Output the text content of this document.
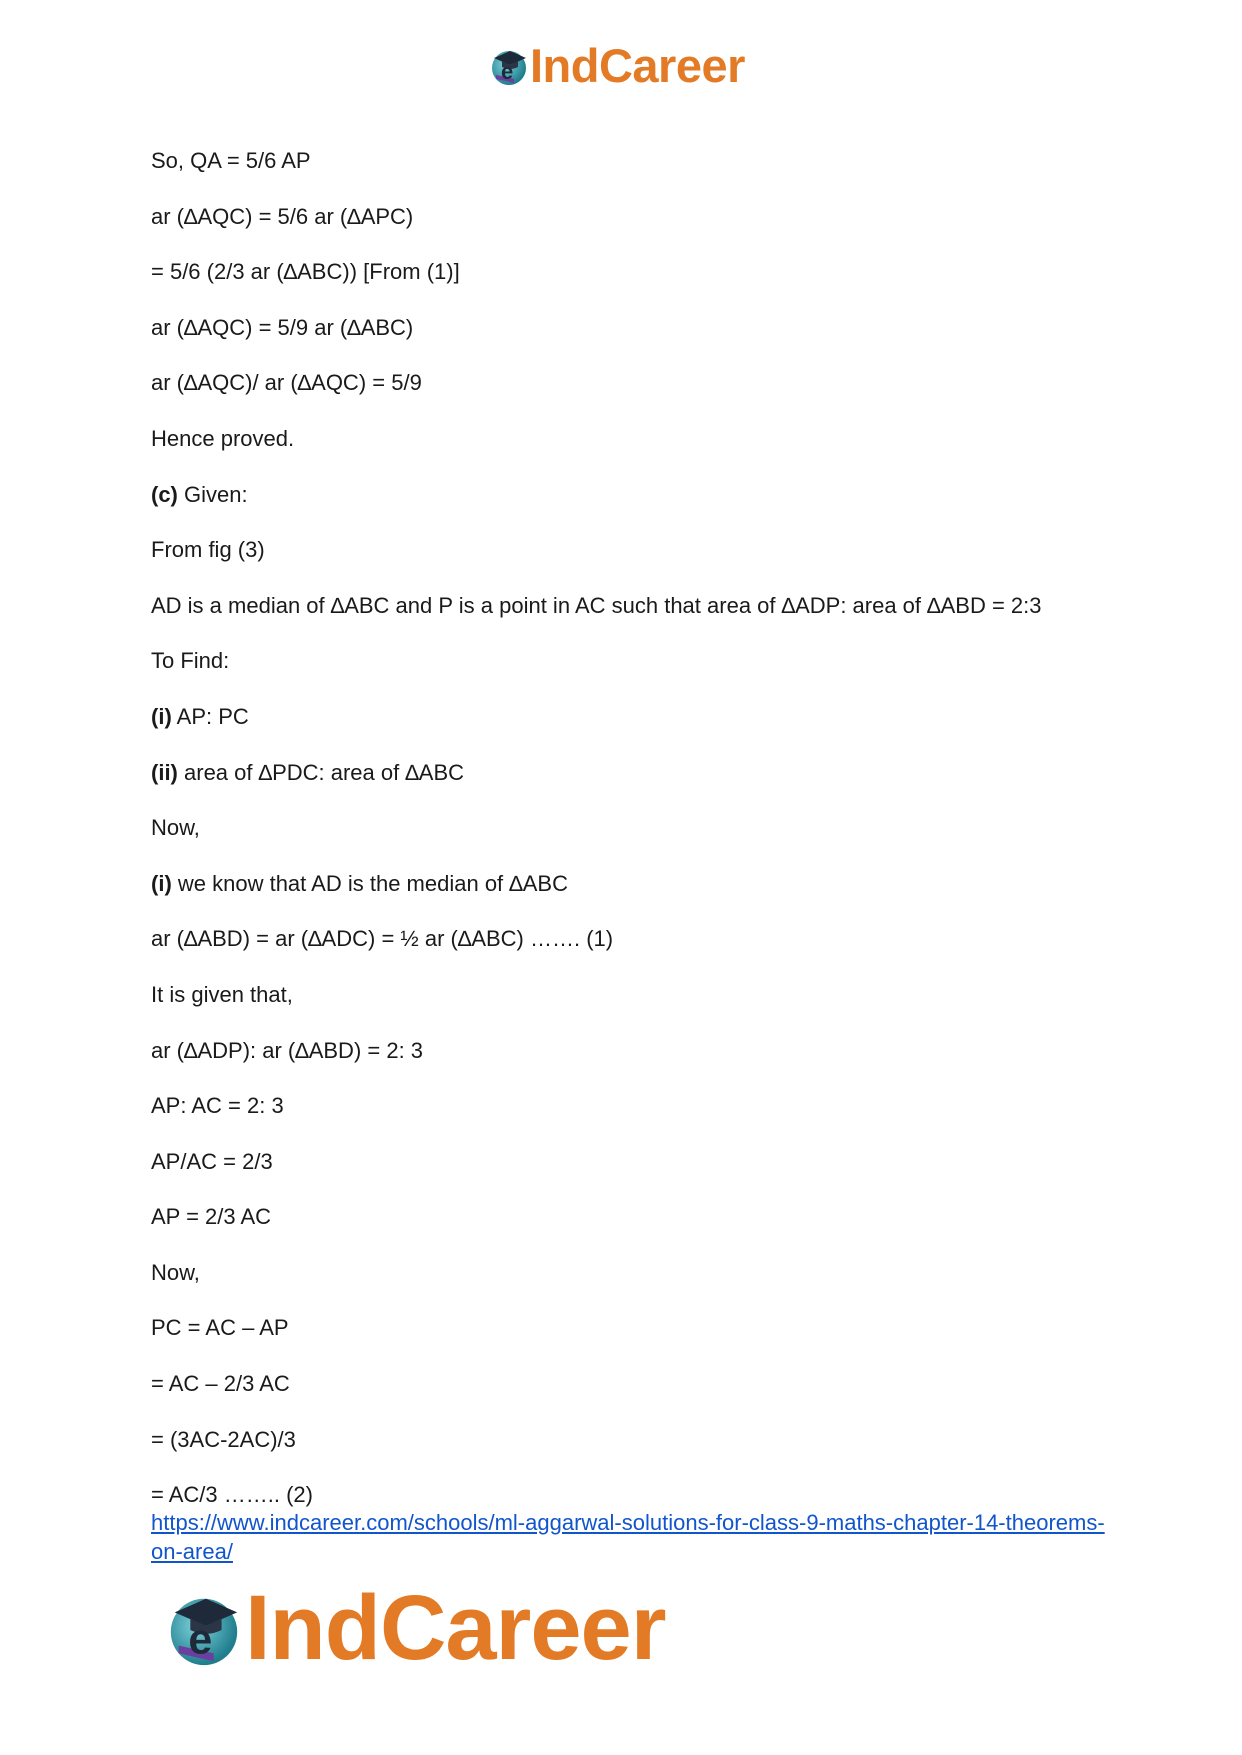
e IndCareer
So, QA = 5/6 AP
ar (∆AQC) = 5/6 ar (∆APC)
= 5/6 (2/3 ar (∆ABC)) [From (1)]
ar (∆AQC) = 5/9 ar (∆ABC)
ar (∆AQC)/ ar (∆AQC) = 5/9
Hence proved.
(c) Given:
From fig (3)
AD is a median of ∆ABC and P is a point in AC such that area of ∆ADP: area of ∆ABD = 2:3
To Find:
(i) AP: PC
(ii) area of ∆PDC: area of ∆ABC
Now,
(i) we know that AD is the median of ∆ABC
ar (∆ABD) = ar (∆ADC) = ½ ar (∆ABC) ……. (1)
It is given that,
ar (∆ADP): ar (∆ABD) = 2: 3
AP: AC = 2: 3
AP/AC = 2/3
AP = 2/3 AC
Now,
PC = AC – AP
= AC – 2/3 AC
= (3AC-2AC)/3
= AC/3 …….. (2)
https://www.indcareer.com/schools/ml-aggarwal-solutions-for-class-9-maths-chapter-14-theorems-on-area/
e IndCareer
